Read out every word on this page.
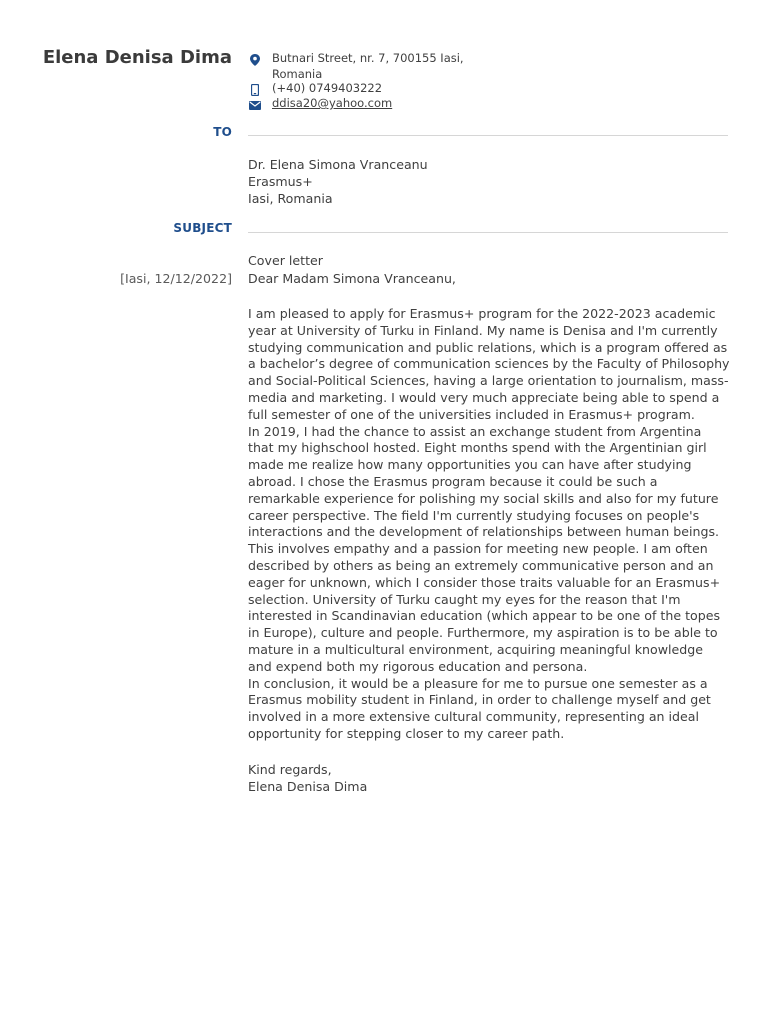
Elena Denisa Dima	Butnari Street, nr. 7, 700155 Iasi,
Romania
(+40) 0749403222
ddisa20@yahoo.com
TO
Dr. Elena Simona Vranceanu
Erasmus+
Iasi, Romania
SUBJECT
Cover letter
[Iasi, 12/12/2022] Dear Madam Simona Vranceanu,

I am pleased to apply for Erasmus+ program for the 2022-2023 academic year at University of Turku in Finland. My name is Denisa and I'm currently studying communication and public relations, which is a program offered as a bachelor’s degree of communication sciences by the Faculty of Philosophy and Social-Political Sciences, having a large orientation to journalism, mass-media and marketing. I would very much appreciate being able to spend a full semester of one of the universities included in Erasmus+ program.

In 2019, I had the chance to assist an exchange student from Argentina that my highschool hosted. Eight months spend with the Argentinian girl made me realize how many opportunities you can have after studying abroad. I chose the Erasmus program because it could be such a remarkable experience for polishing my social skills and also for my future career perspective. The field I'm currently studying focuses on people's interactions and the development of relationships between human beings. This involves empathy and a passion for meeting new people. I am often described by others as being an extremely communicative person and an eager for unknown, which I consider those traits valuable for an Erasmus+ selection. University of Turku caught my eyes for the reason that I'm interested in Scandinavian education (which appear to be one of the topes in Europe), culture and people. Furthermore, my aspiration is to be able to mature in a multicultural environment, acquiring meaningful knowledge and expend both my rigorous education and persona.

In conclusion, it would be a pleasure for me to pursue one semester as a Erasmus mobility student in Finland, in order to challenge myself and get involved in a more extensive cultural community, representing an ideal opportunity for stepping closer to my career path.

Kind regards,
Elena Denisa Dima
